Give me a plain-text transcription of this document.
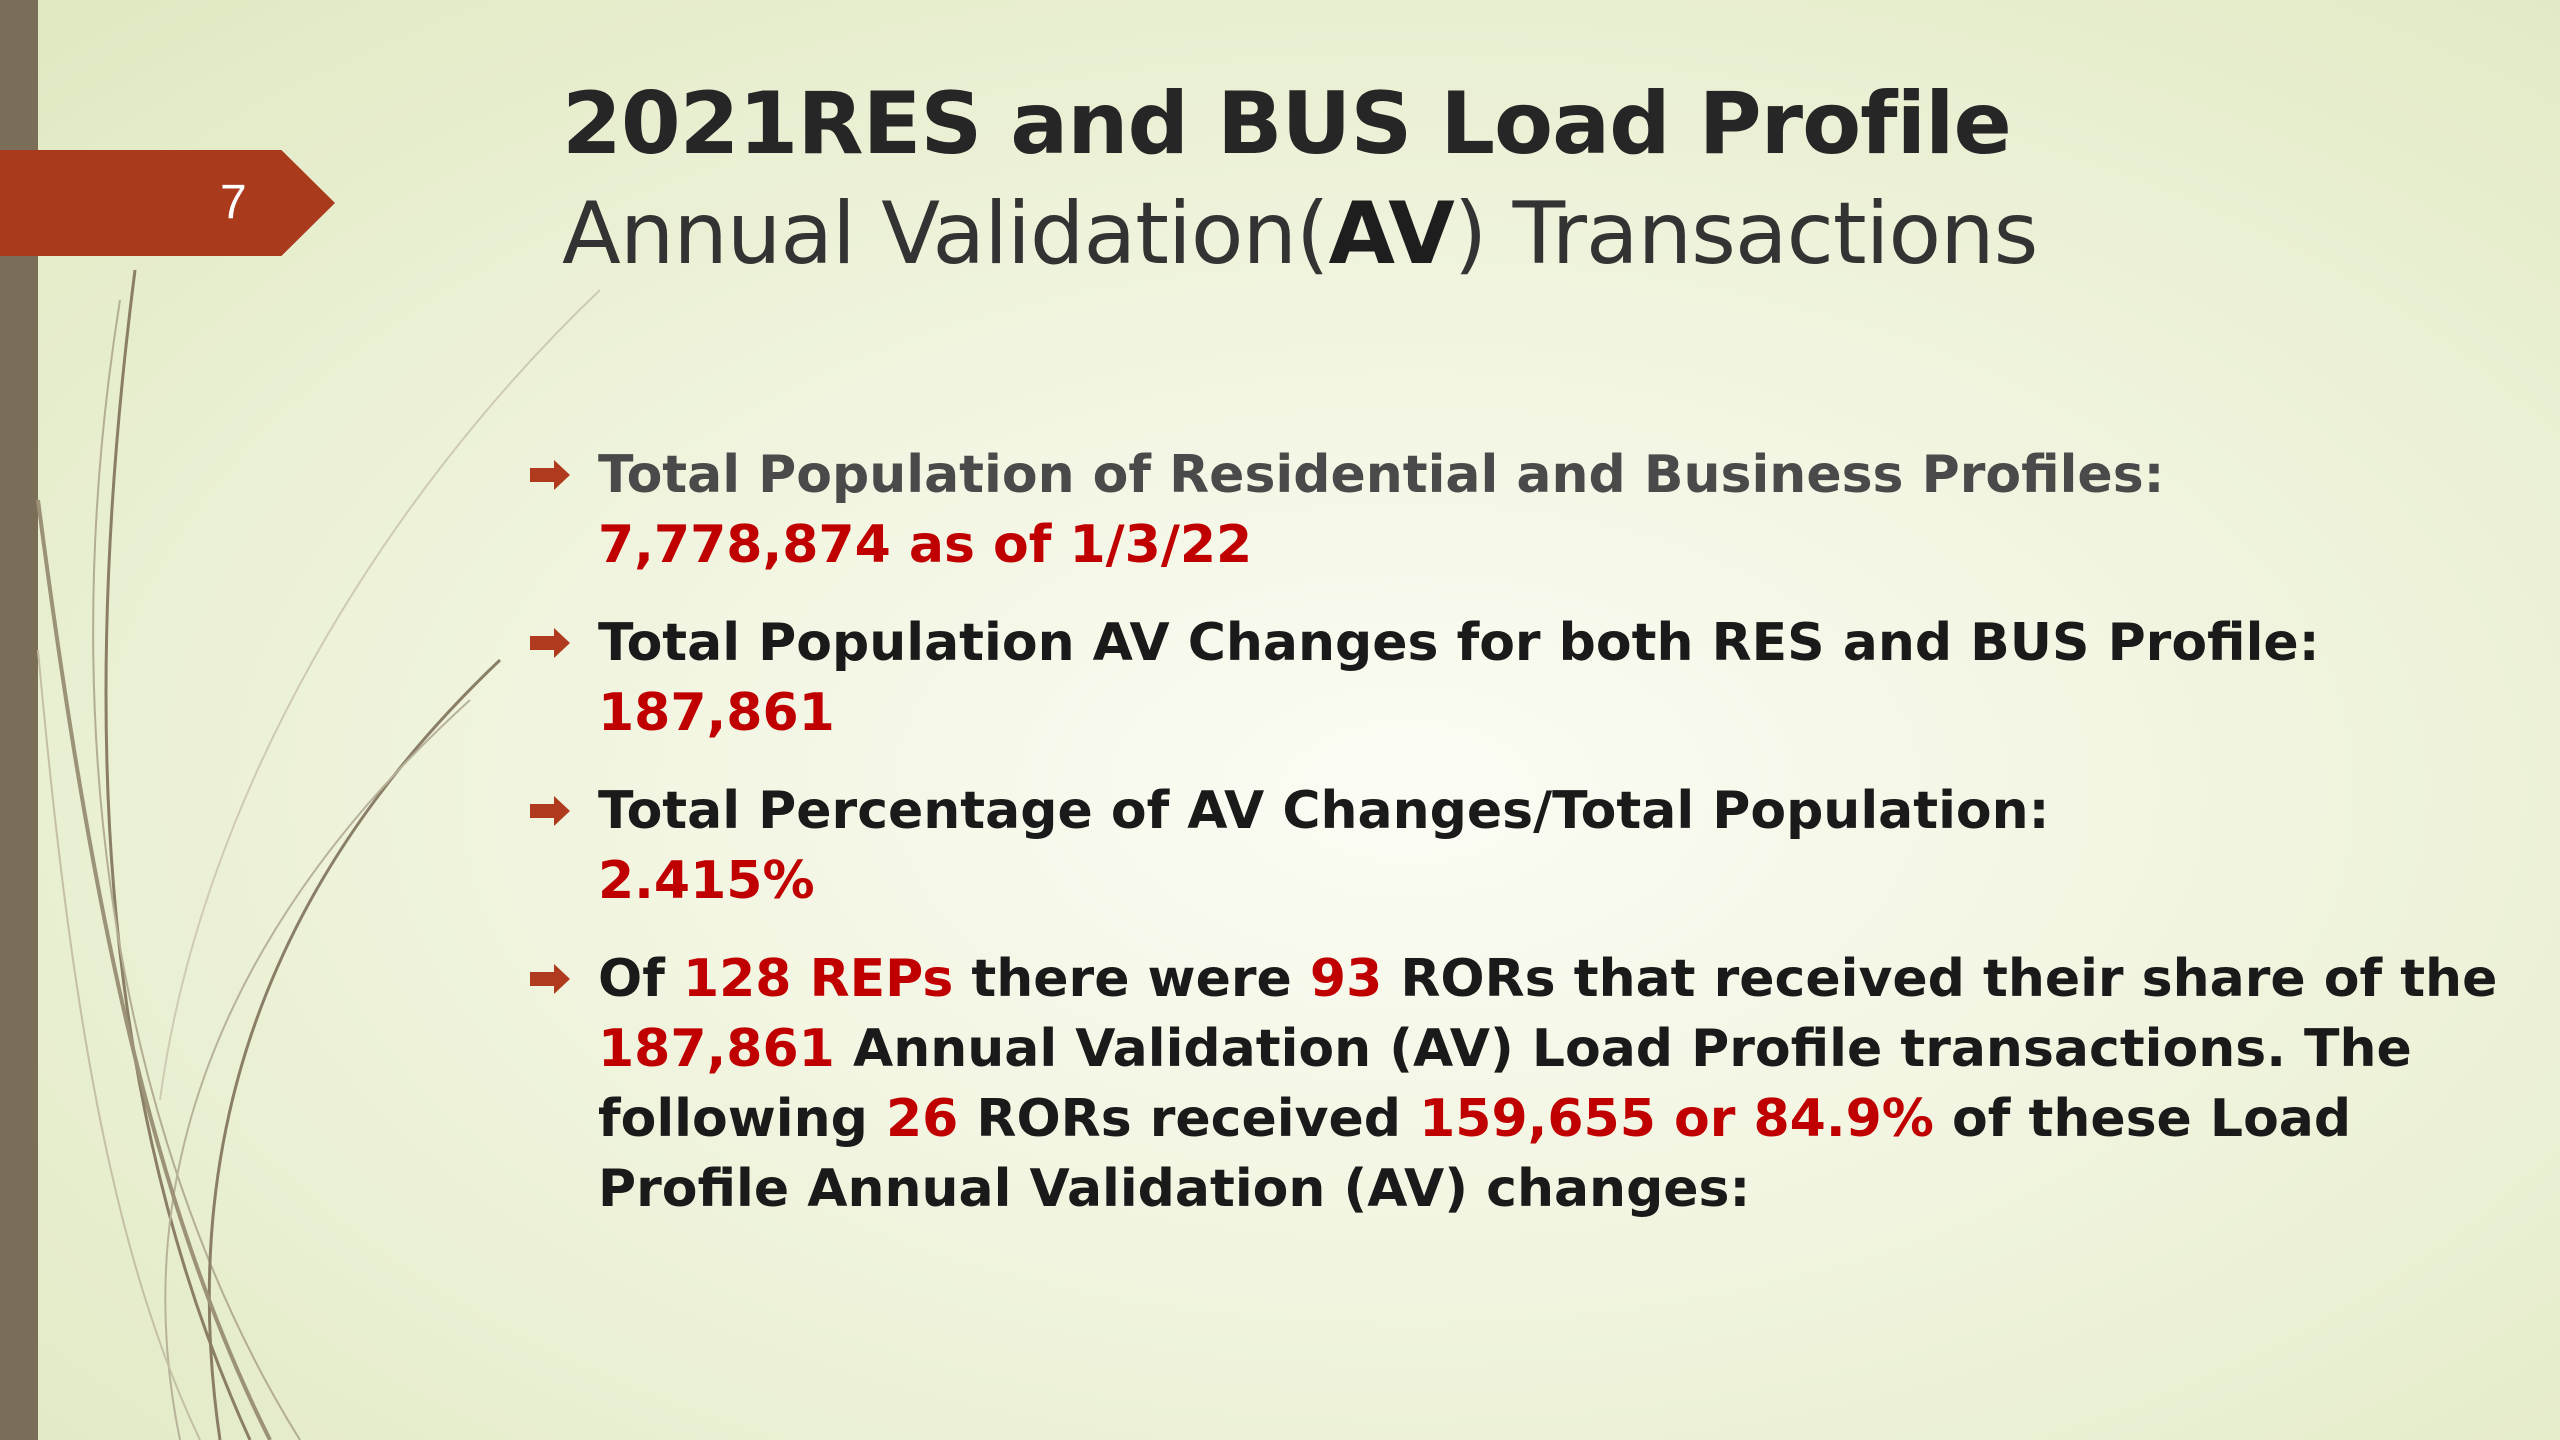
7
2021RES and BUS Load Profile
Annual Validation(AV) Transactions
Total Population of Residential and Business Profiles:
7,778,874 as of 1/3/22
Total Population AV Changes for both RES and BUS Profile:
187,861
Total Percentage of AV Changes/Total Population:
2.415%
Of 128 REPs there were 93 RORs that received their share of the 187,861 Annual Validation (AV) Load Profile transactions. The following 26 RORs received 159,655 or 84.9% of these Load Profile Annual Validation (AV) changes:
